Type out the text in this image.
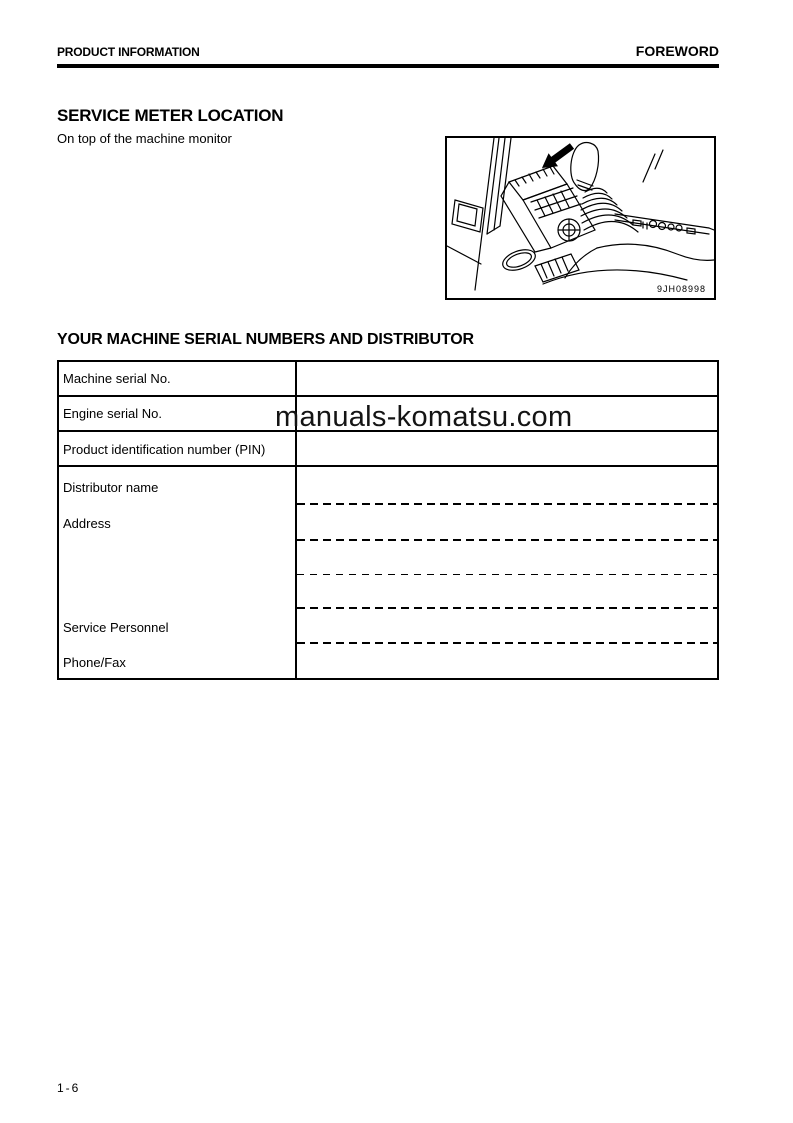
PRODUCT INFORMATION	FOREWORD
SERVICE METER LOCATION
On top of the machine monitor
9JH08998
YOUR MACHINE SERIAL NUMBERS AND DISTRIBUTOR
Machine serial No.
Engine serial No.
Product identification number (PIN)
Distributor name
Address
Service Personnel
Phone/Fax
manuals-komatsu.com
1-6
